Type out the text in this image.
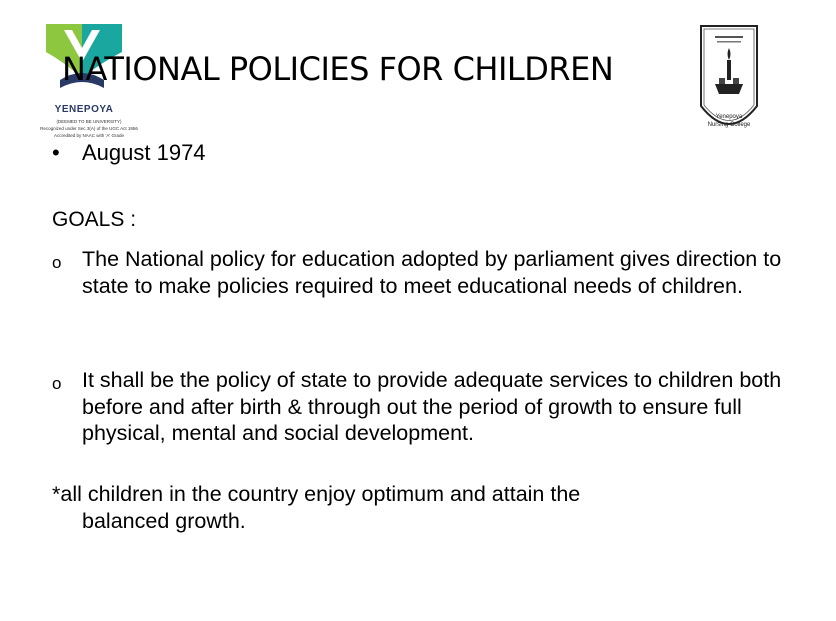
YENEPOYA
(DEEMED TO BE UNIVERSITY)
Recognized under Sec 3(A) of the UGC Act 1956
Accredited by NAAC with 'A' Grade
Yenepoya
Nursing College
NATIONAL POLICIES FOR CHILDREN
• August 1974
GOALS :
o The National policy for education adopted by parliament gives direction to state to make policies required to meet educational needs of children.
o It shall be the policy of state to provide adequate services to children both before and after birth & through out the period of growth to ensure full physical, mental and social development.
*all children in the country enjoy optimum and attain the
balanced growth.
